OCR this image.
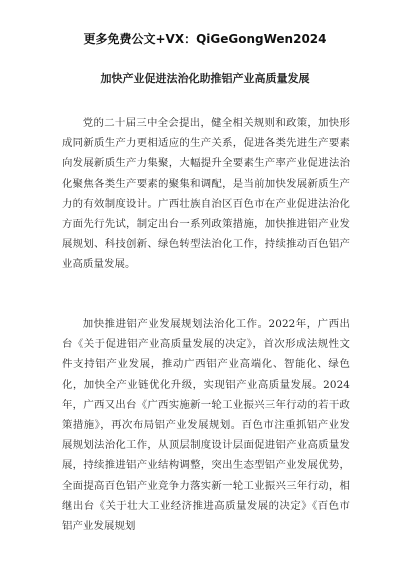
更多免费公文+VX：QiGeGongWen2024
加快产业促进法治化助推铝产业高质量发展

党的二十届三中全会提出，健全相关规则和政策，加快形成同新质生产力更相适应的生产关系，促进各类先进生产要素向发展新质生产力集聚，大幅提升全要素生产率产业促进法治化聚焦各类生产要素的聚集和调配，是当前加快发展新质生产力的有效制度设计。广西壮族自治区百色市在产业促进法治化方面先行先试，制定出台一系列政策措施，加快推进铝产业发展规划、科技创新、绿色转型法治化工作，持续推动百色铝产业高质量发展。

加快推进铝产业发展规划法治化工作。2022年，广西出台《关于促进铝产业高质量发展的决定》，首次形成法规性文件支持铝产业发展，推动广西铝产业高端化、智能化、绿色化，加快全产业链优化升级，实现铝产业高质量发展。2024年，广西又出台《广西实施新一轮工业振兴三年行动的若干政策措施》，再次布局铝产业发展规划。百色市注重抓铝产业发展规划法治化工作，从顶层制度设计层面促进铝产业高质量发展，持续推进铝产业结构调整，突出生态型铝产业发展优势，全面提高百色铝产业竞争力落实新一轮工业振兴三年行动，相继出台《关于壮大工业经济推进高质量发展的决定》《百色市铝产业发展规划
